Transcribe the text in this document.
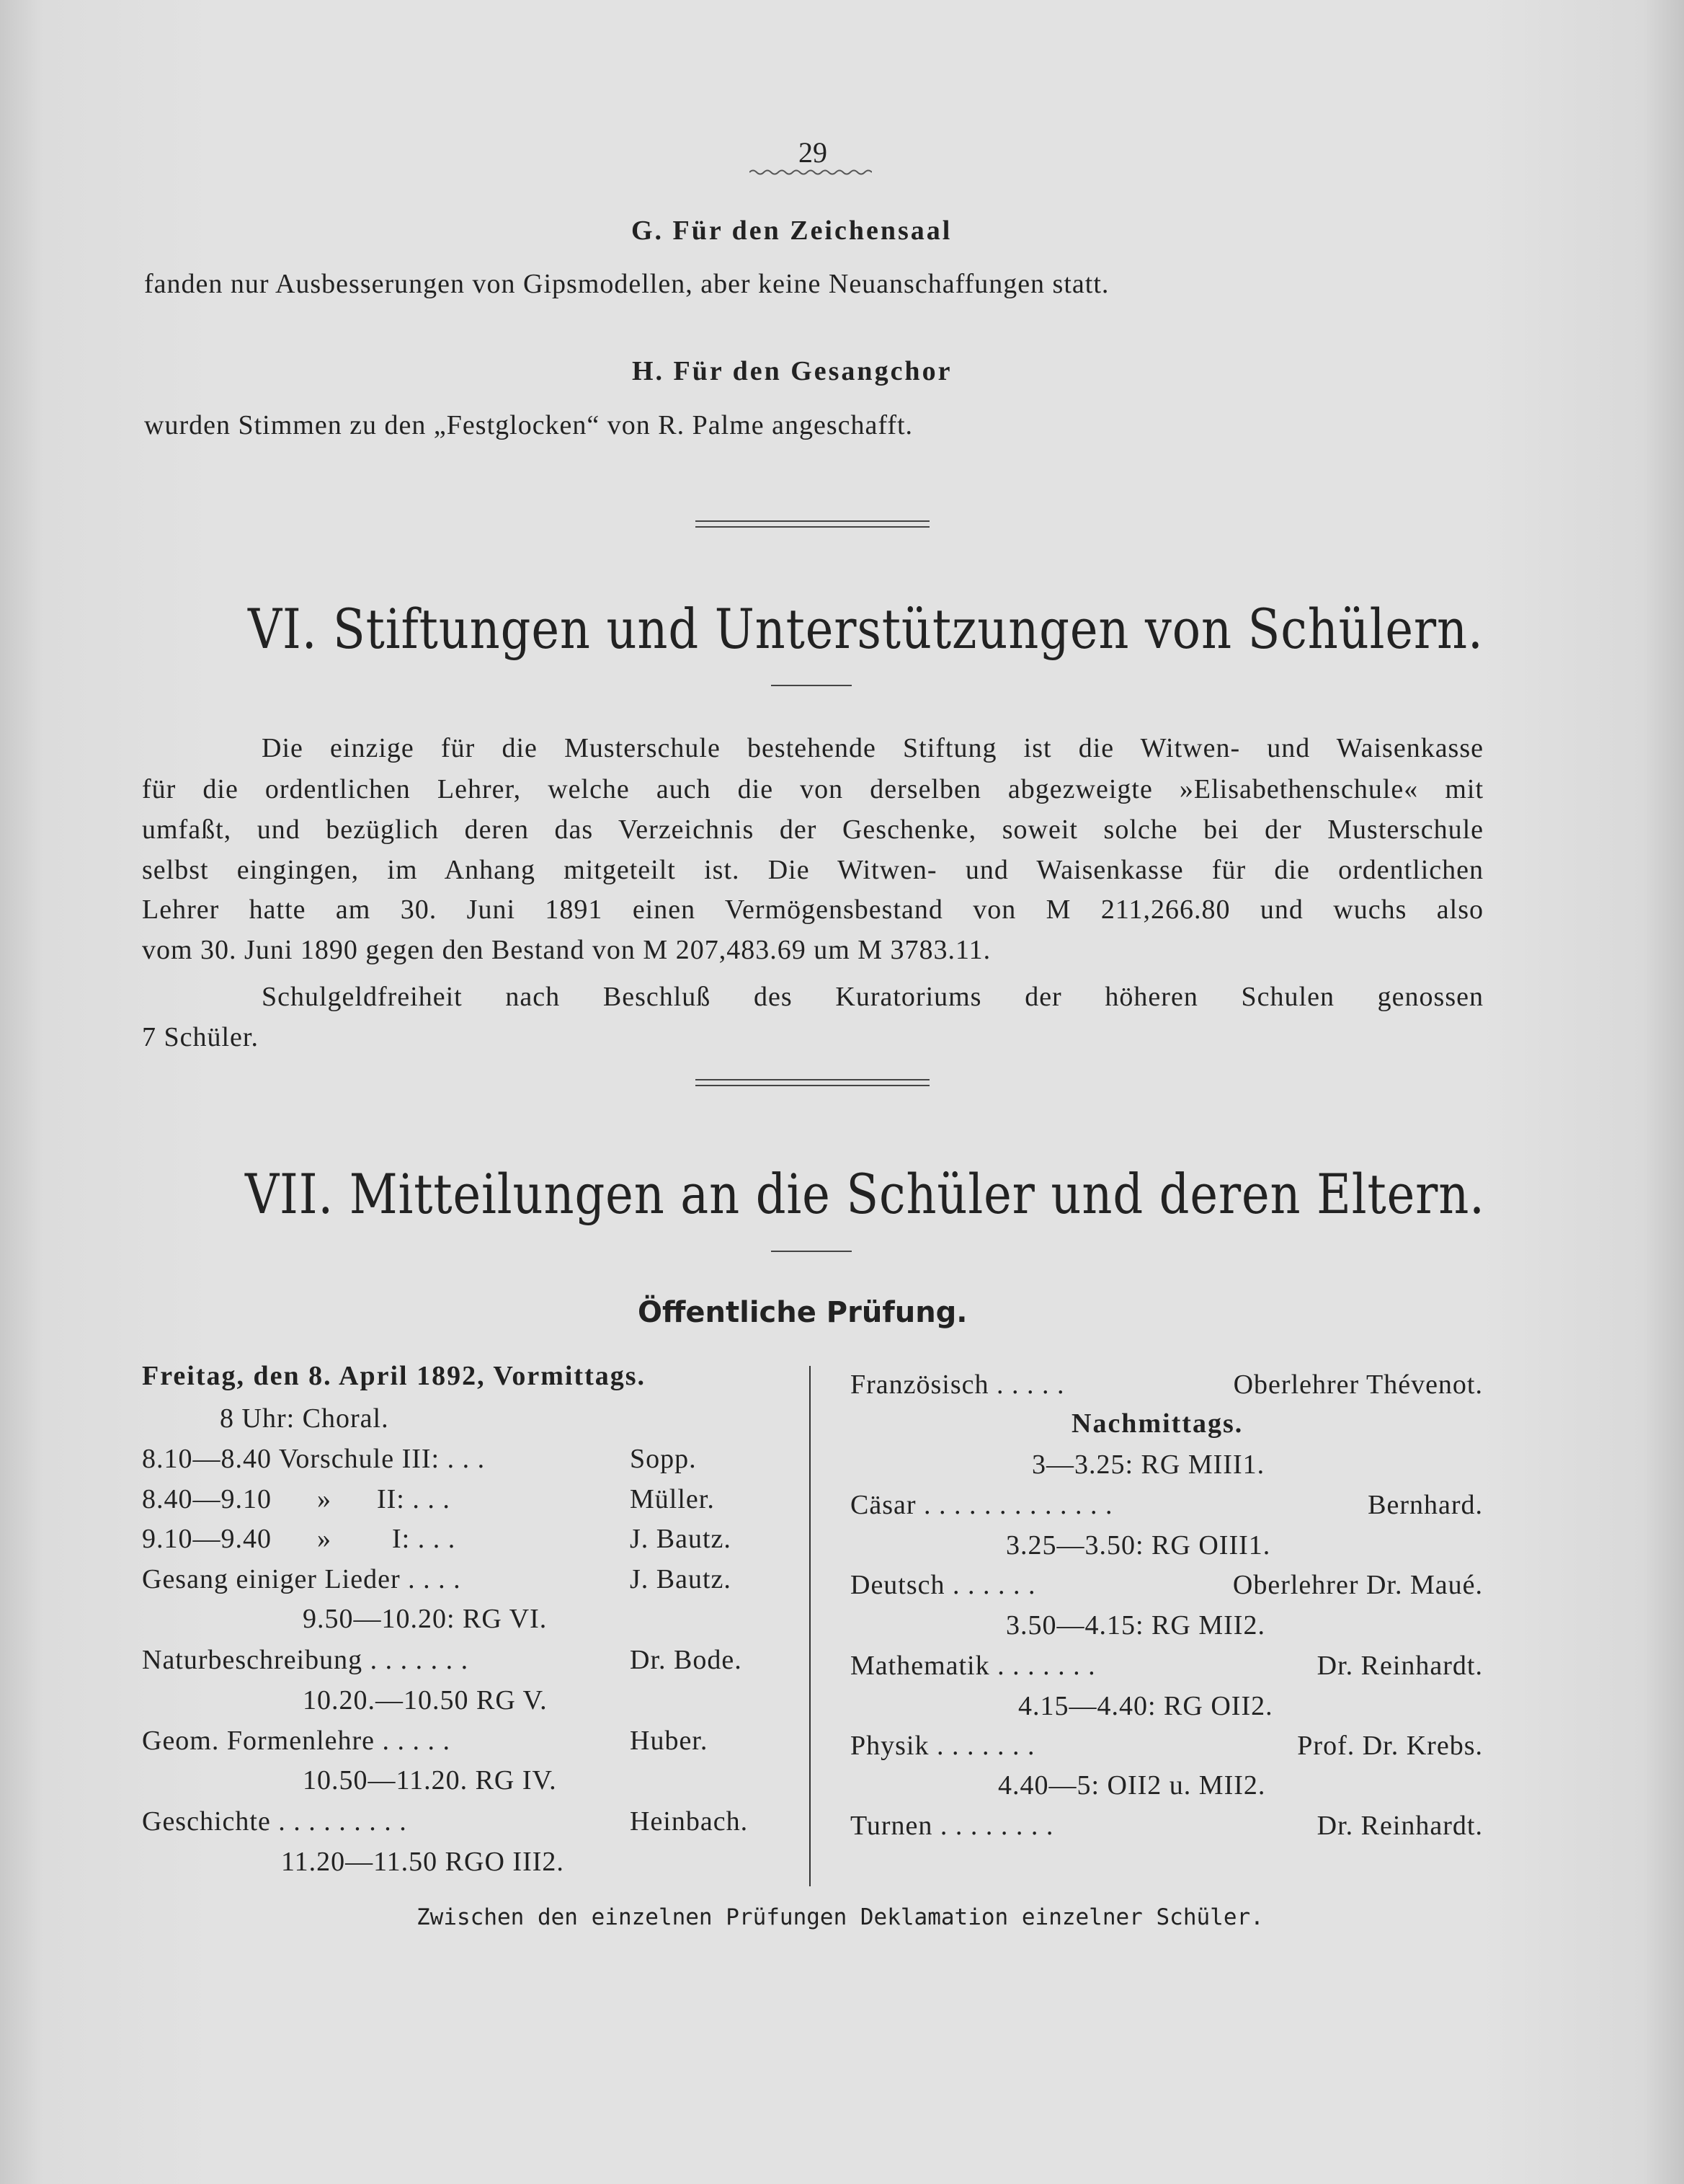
29
G. Für den Zeichensaal
fanden nur Ausbesserungen von Gipsmodellen, aber keine Neuanschaffungen statt.
H. Für den Gesangchor
wurden Stimmen zu den „Festglocken“ von R. Palme angeschafft.
VI. Stiftungen und Unterstützungen von Schülern.
Die einzige für die Musterschule bestehende Stiftung ist die Witwen- und Waisenkasse
für die ordentlichen Lehrer, welche auch die von derselben abgezweigte »Elisabethenschule« mit
umfaßt, und bezüglich deren das Verzeichnis der Geschenke, soweit solche bei der Musterschule
selbst eingingen, im Anhang mitgeteilt ist. Die Witwen- und Waisenkasse für die ordentlichen
Lehrer hatte am 30. Juni 1891 einen Vermögensbestand von M 211,266.80 und wuchs also
vom 30. Juni 1890 gegen den Bestand von M 207,483.69 um M 3783.11.
Schulgeldfreiheit nach Beschluß des Kuratoriums der höheren Schulen genossen
7 Schüler.
VII. Mitteilungen an die Schüler und deren Eltern.
Öffentliche Prüfung.
Freitag, den 8. April 1892, Vormittags.
8 Uhr: Choral.
8.10—8.40 Vorschule III: . . .	Sopp.
8.40—9.10      »      II: . . .	Müller.
9.10—9.40      »        I: . . .	J. Bautz.
Gesang einiger Lieder . . . .	J. Bautz.
9.50—10.20: RG VI.
Naturbeschreibung . . . . . . .	Dr. Bode.
10.20.—10.50 RG V.
Geom. Formenlehre . . . . .	Huber.
10.50—11.20. RG IV.
Geschichte . . . . . . . . .	Heinbach.
11.20—11.50 RGO III2.
Französisch . . . . .	Oberlehrer Thévenot.
Nachmittags.
3—3.25: RG MIII1.
Cäsar . . . . . . . . . . . . .	Bernhard.
3.25—3.50: RG OIII1.
Deutsch . . . . . .	Oberlehrer Dr. Maué.
3.50—4.15: RG MII2.
Mathematik . . . . . . .	Dr. Reinhardt.
4.15—4.40: RG OII2.
Physik . . . . . . .	Prof. Dr. Krebs.
4.40—5: OII2 u. MII2.
Turnen . . . . . . . .	Dr. Reinhardt.
Zwischen den einzelnen Prüfungen Deklamation einzelner Schüler.
